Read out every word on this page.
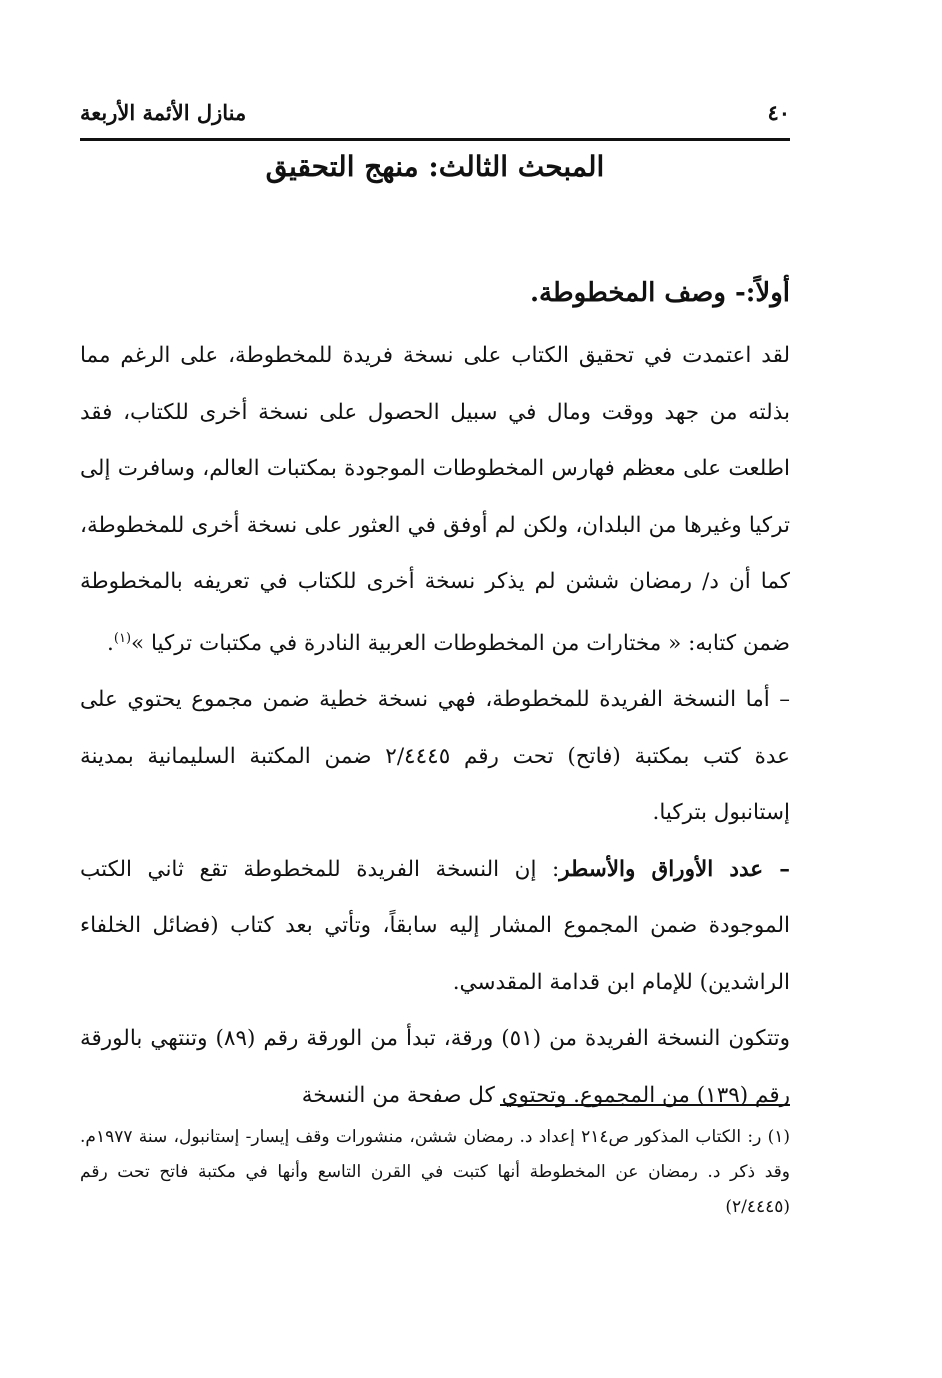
٤٠
منازل الأئمة الأربعة
المبحث الثالث: منهج التحقيق
أولاً:- وصف المخطوطة.

لقد اعتمدت في تحقيق الكتاب على نسخة فريدة للمخطوطة، على الرغم مما بذلته من جهد ووقت ومال في سبيل الحصول على نسخة أخرى للكتاب، فقد اطلعت على معظم فهارس المخطوطات الموجودة بمكتبات العالم، وسافرت إلى تركيا وغيرها من البلدان، ولكن لم أوفق في العثور على نسخة أخرى للمخطوطة، كما أن د/ رمضان ششن لم يذكر نسخة أخرى للكتاب في تعريفه بالمخطوطة ضمن كتابه: « مختارات من المخطوطات العربية النادرة في مكتبات تركيا »$^{(١)}$.

– أما النسخة الفريدة للمخطوطة، فهي نسخة خطية ضمن مجموع يحتوي على عدة كتب بمكتبة (فاتح) تحت رقم ٢/٤٤٤٥ ضمن المكتبة السليمانية بمدينة إستانبول بتركيا.

– عدد الأوراق والأسطر: إن النسخة الفريدة للمخطوطة تقع ثاني الكتب الموجودة ضمن المجموع المشار إليه سابقاً، وتأتي بعد كتاب (فضائل الخلفاء الراشدين) للإمام ابن قدامة المقدسي.

وتتكون النسخة الفريدة من (٥١) ورقة، تبدأ من الورقة رقم (٨٩) وتنتهي بالورقة رقم (١٣٩) من المجموع. وتحتوي كل صفحة من النسخة

(١) ر: الكتاب المذكور ص٢١٤ إعداد د. رمضان ششن، منشورات وقف إيسار- إستانبول، سنة ١٩٧٧م. وقد ذكر د. رمضان عن المخطوطة أنها كتبت في القرن التاسع وأنها في مكتبة فاتح تحت رقم (٢/٤٤٤٥)
